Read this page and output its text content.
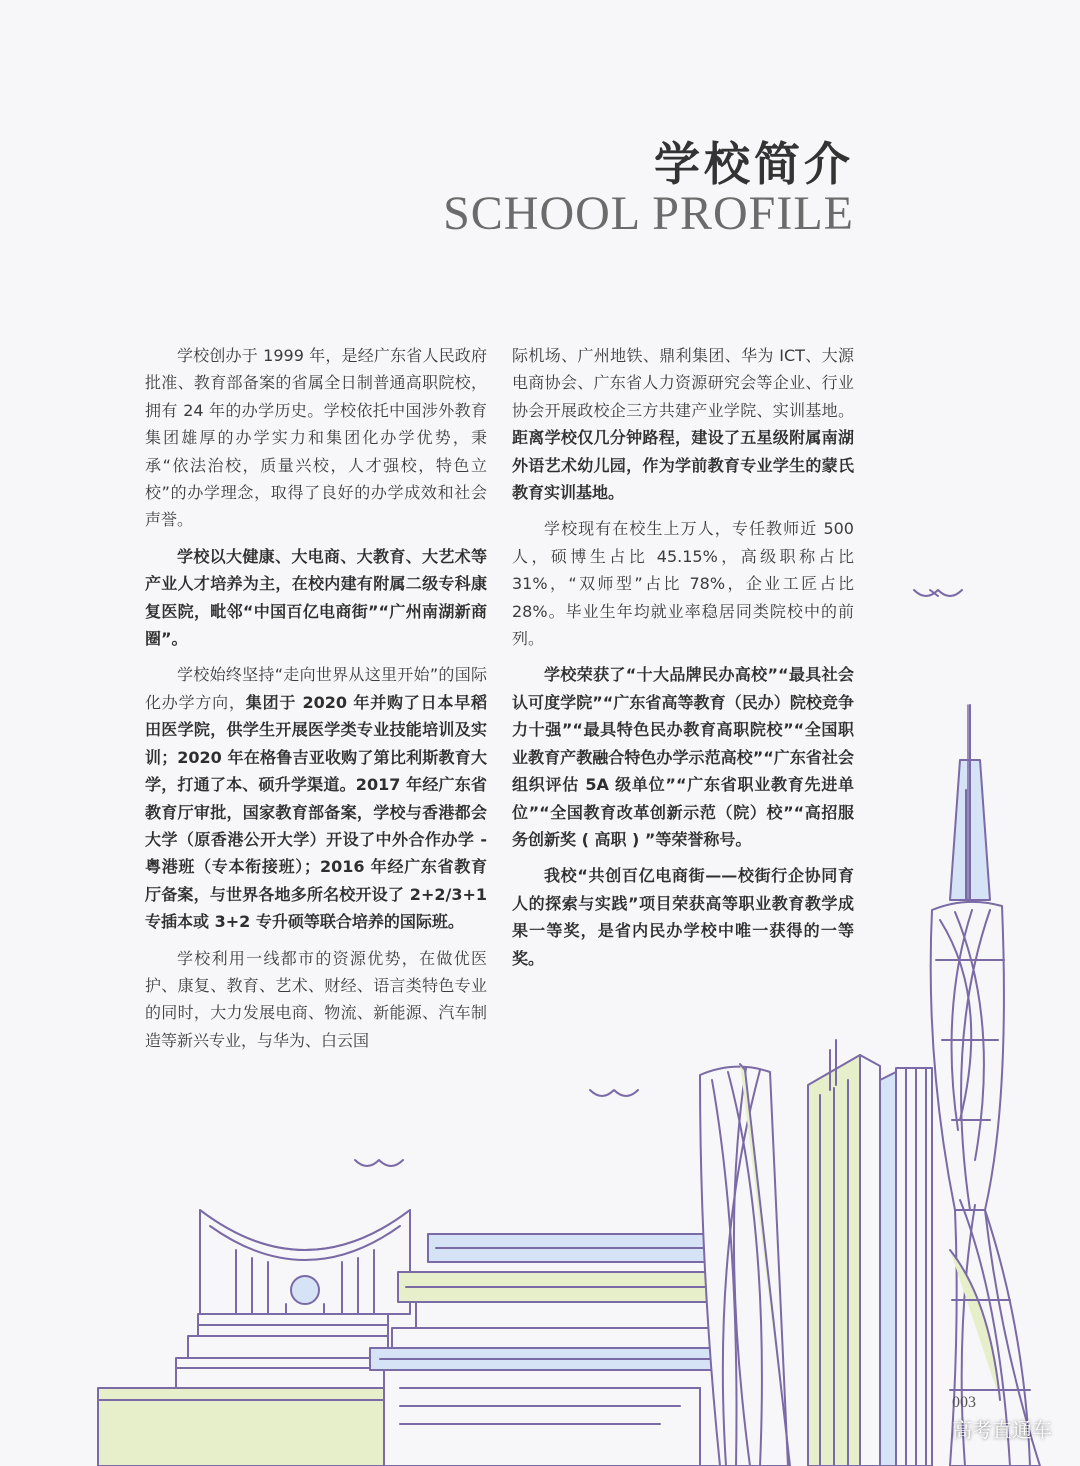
学校简介
SCHOOL PROFILE

学校创办于 1999 年，是经广东省人民政府批准、教育部备案的省属全日制普通高职院校，拥有 24 年的办学历史。学校依托中国涉外教育集团雄厚的办学实力和集团化办学优势，秉承“依法治校，质量兴校，人才强校，特色立校”的办学理念，取得了良好的办学成效和社会声誉。

学校以大健康、大电商、大教育、大艺术等产业人才培养为主，在校内建有附属二级专科康复医院，毗邻“中国百亿电商街”“广州南湖新商圈”。

学校始终坚持“走向世界从这里开始”的国际化办学方向，集团于 2020 年并购了日本早稻田医学院，供学生开展医学类专业技能培训及实训；2020 年在格鲁吉亚收购了第比利斯教育大学，打通了本、硕升学渠道。2017 年经广东省教育厅审批，国家教育部备案，学校与香港都会大学（原香港公开大学）开设了中外合作办学 - 粤港班（专本衔接班）；2016 年经广东省教育厅备案，与世界各地多所名校开设了 2+2/3+1 专插本或 3+2 专升硕等联合培养的国际班。

学校利用一线都市的资源优势，在做优医护、康复、教育、艺术、财经、语言类特色专业的同时，大力发展电商、物流、新能源、汽车制造等新兴专业，与华为、白云国

际机场、广州地铁、鼎利集团、华为 ICT、大源电商协会、广东省人力资源研究会等企业、行业协会开展政校企三方共建产业学院、实训基地。距离学校仅几分钟路程，建设了五星级附属南湖外语艺术幼儿园，作为学前教育专业学生的蒙氏教育实训基地。

学校现有在校生上万人，专任教师近 500 人，硕博生占比 45.15%，高级职称占比 31%，“双师型”占比 78%，企业工匠占比 28%。毕业生年均就业率稳居同类院校中的前列。

学校荣获了“十大品牌民办高校”“最具社会认可度学院”“广东省高等教育（民办）院校竞争力十强”“最具特色民办教育高职院校”“全国职业教育产教融合特色办学示范高校”“广东省社会组织评估 5A 级单位”“广东省职业教育先进单位”“全国教育改革创新示范（院）校”“高招服务创新奖 ( 高职 ) ”等荣誉称号。

我校“共创百亿电商街——校街行企协同育人的探索与实践”项目荣获高等职业教育教学成果一等奖，是省内民办学校中唯一获得的一等奖。

003
高考直通车
